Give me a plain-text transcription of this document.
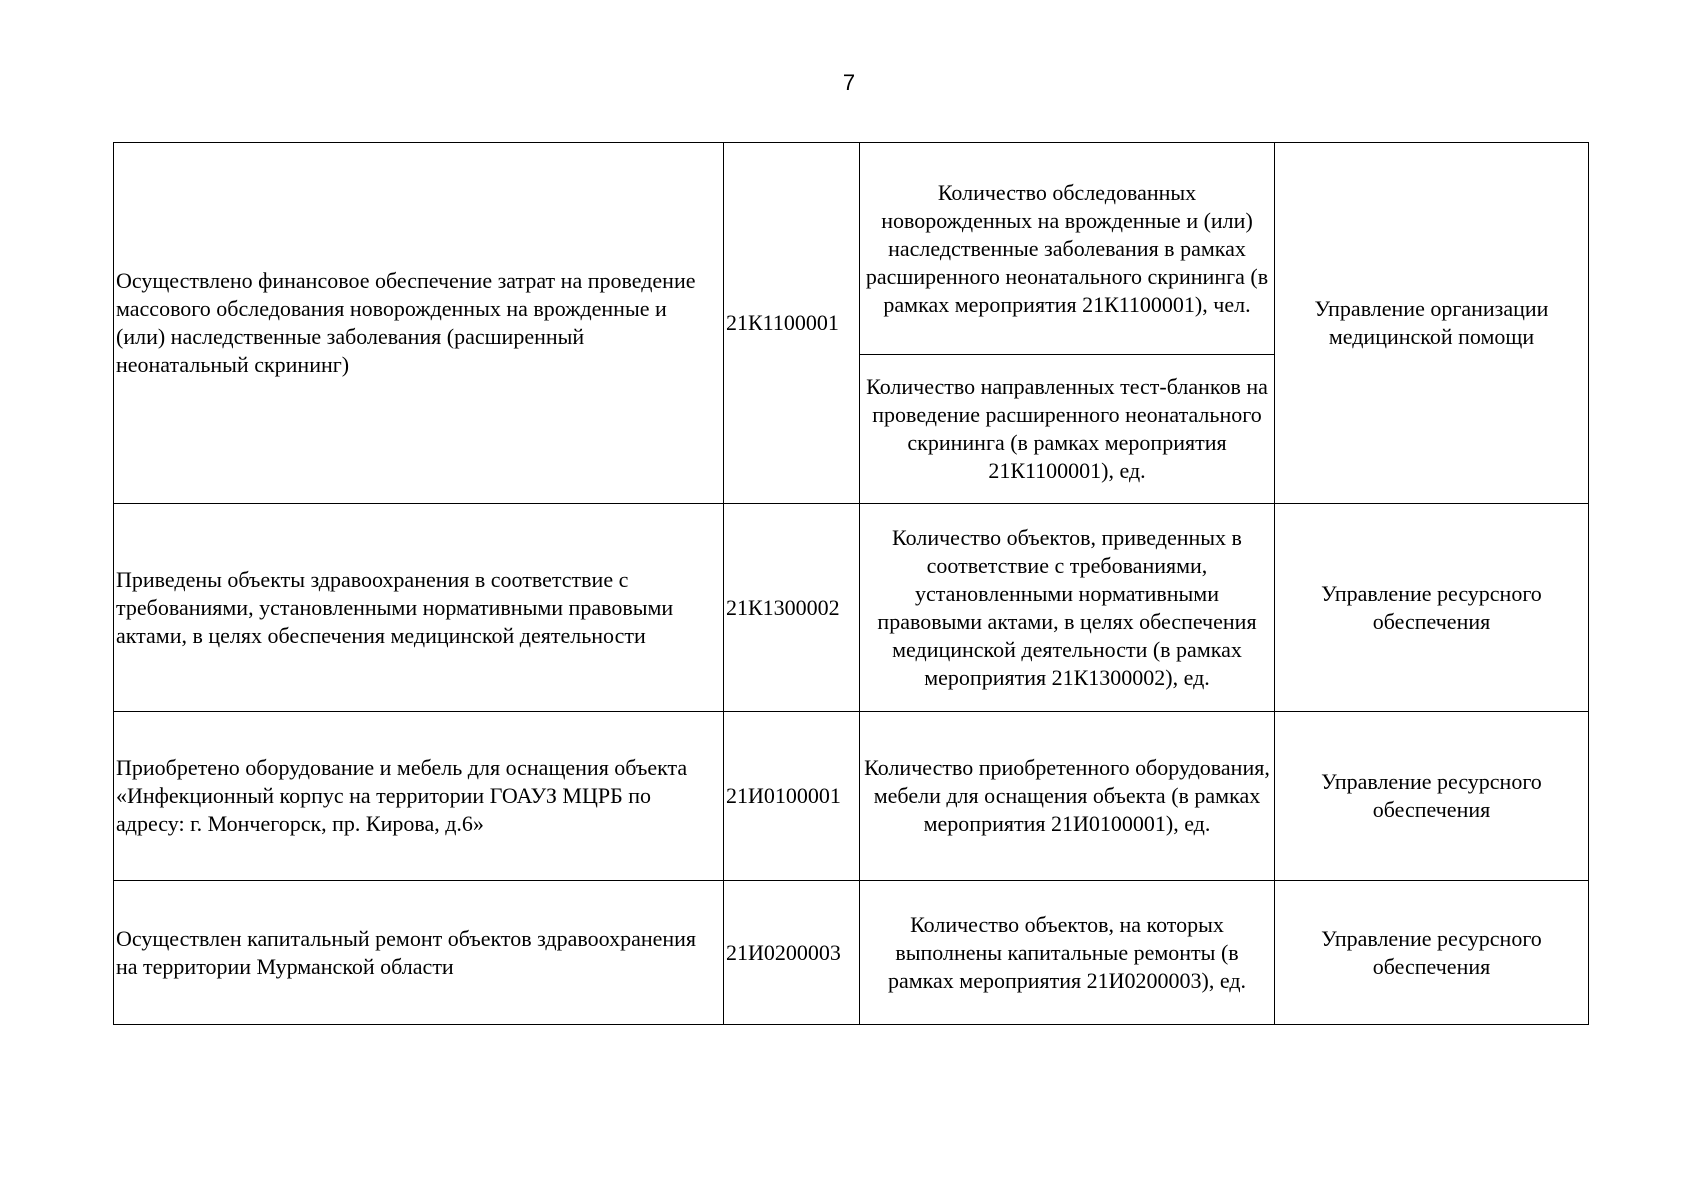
7
Осуществлено финансовое обеспечение затрат на проведение массового обследования новорожденных на врожденные и (или) наследственные заболевания (расширенный неонатальный скрининг)	21К1100001	Количество обследованных новорожденных на врожденные и (или) наследственные заболевания в рамках расширенного неонатального скрининга (в рамках мероприятия 21К1100001), чел.	Управление организации медицинской помощи
		Количество направленных тест-бланков на проведение расширенного неонатального скрининга (в рамках мероприятия 21К1100001), ед.	
Приведены объекты здравоохранения в соответствие с требованиями, установленными нормативными правовыми актами, в целях обеспечения медицинской деятельности	21К1300002	Количество объектов, приведенных в соответствие с требованиями, установленными нормативными правовыми актами, в целях обеспечения медицинской деятельности (в рамках мероприятия 21К1300002), ед.	Управление ресурсного обеспечения
Приобретено оборудование и мебель для оснащения объекта «Инфекционный корпус на территории ГОАУЗ МЦРБ по адресу: г. Мончегорск, пр. Кирова, д.6»	21И0100001	Количество приобретенного оборудования, мебели для оснащения объекта (в рамках мероприятия 21И0100001), ед.	Управление ресурсного обеспечения
Осуществлен капитальный ремонт объектов здравоохранения на территории Мурманской области	21И0200003	Количество объектов, на которых выполнены капитальные ремонты (в рамках мероприятия 21И0200003), ед.	Управление ресурсного обеспечения
